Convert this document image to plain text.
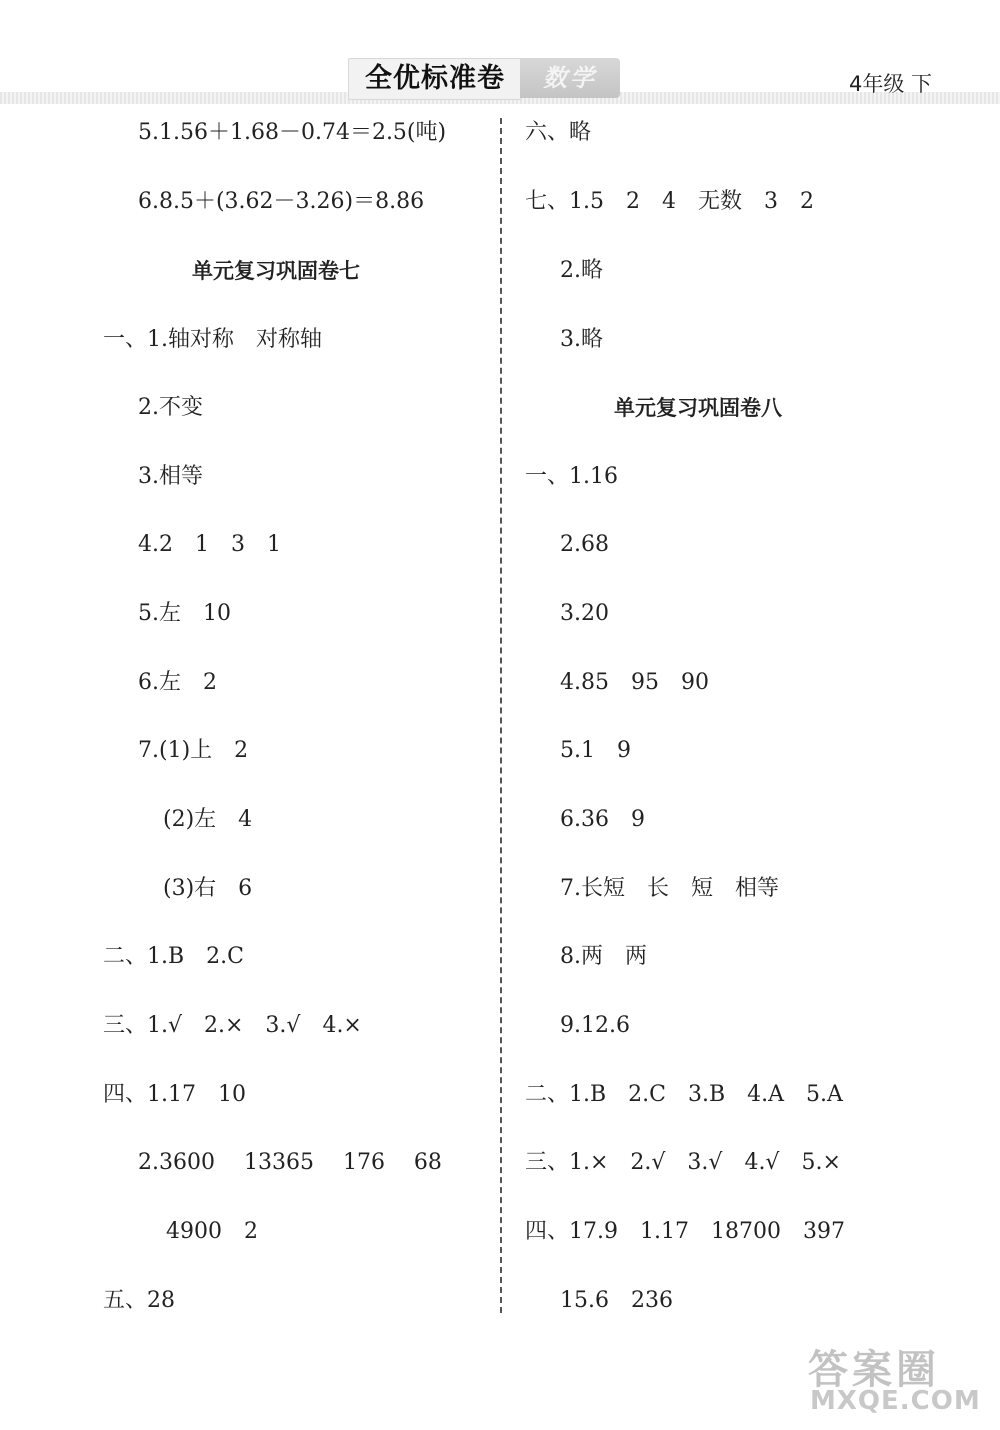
全优标准卷	数学	4年级 下
5.1.56＋1.68－0.74＝2.5(吨)
6.8.5＋(3.62－3.26)＝8.86
单元复习巩固卷七
一、1.轴对称　对称轴
2.不变
3.相等
4.2　1　3　1
5.左　10
6.左　2
7.(1)上　2
(2)左　4
(3)右　6
二、1.B　2.C
三、1.√　2.×　3.√　4.×
四、1.17　10
2.3600　 13365　 176　 68
4900　2
五、28
六、略
七、1.5　2　4　无数　3　2
2.略
3.略
单元复习巩固卷八
一、1.16
2.68
3.20
4.85　95　90
5.1　9
6.36　9
7.长短　长　短　相等
8.两　两
9.12.6
二、1.B　2.C　3.B　4.A　5.A
三、1.×　2.√　3.√　4.√　5.×
四、17.9　1.17　18700　397
15.6　236
答案圈
MXQE.COM
